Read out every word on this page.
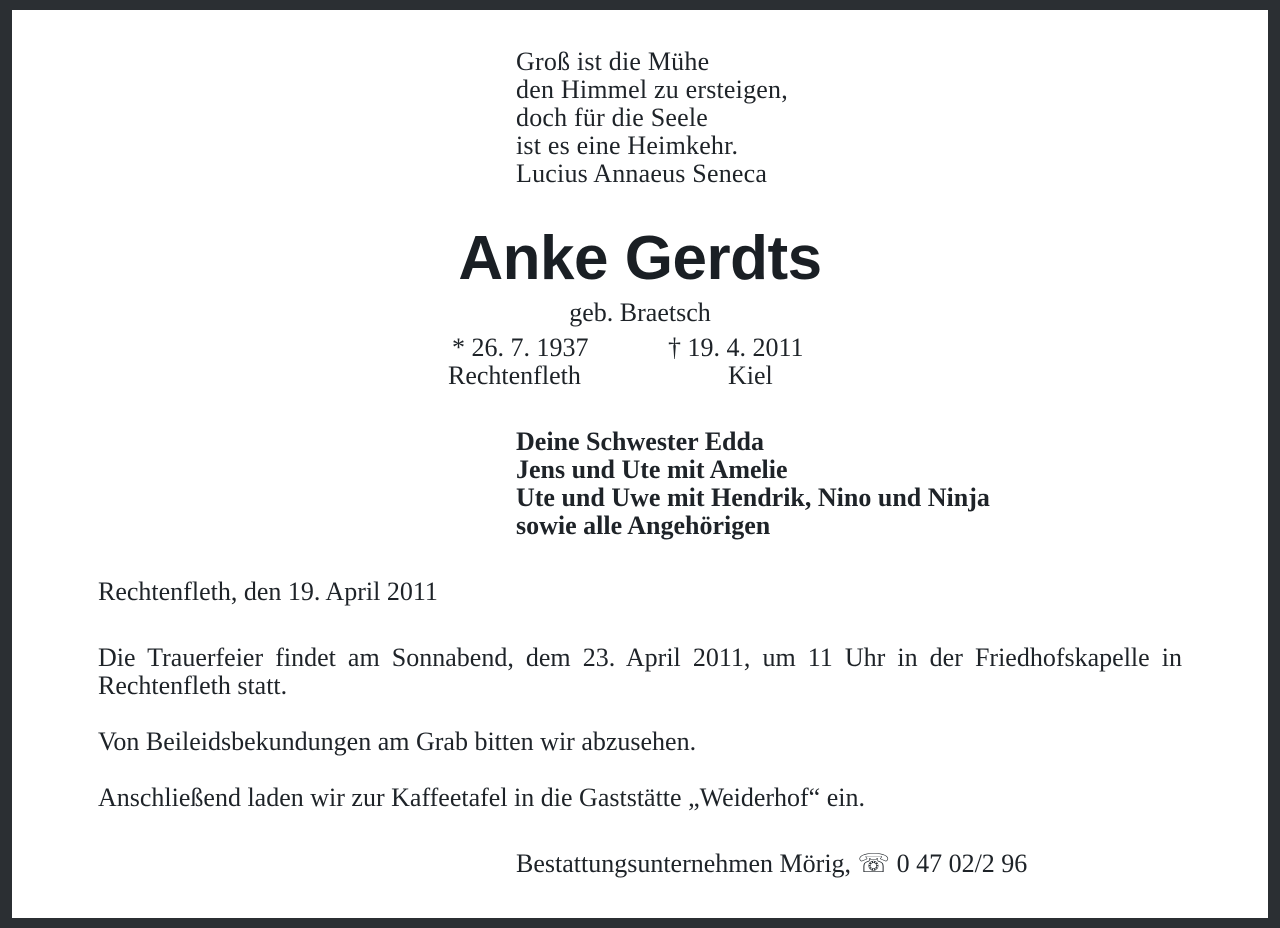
Groß ist die Mühe
den Himmel zu ersteigen,
doch für die Seele
ist es eine Heimkehr.
Lucius Annaeus Seneca
Anke Gerdts
geb. Braetsch
* 26. 7. 1937
Rechtenfleth
† 19. 4. 2011
Kiel
Deine Schwester Edda
Jens und Ute mit Amelie
Ute und Uwe mit Hendrik, Nino und Ninja
sowie alle Angehörigen
Rechtenfleth, den 19. April 2011
Die Trauerfeier findet am Sonnabend, dem 23. April 2011, um 11 Uhr in der Friedhofskapelle in Rechtenfleth statt.
Von Beileidsbekundungen am Grab bitten wir abzusehen.
Anschließend laden wir zur Kaffeetafel in die Gaststätte „Weiderhof“ ein.
Bestattungsunternehmen Mörig, ☏ 0 47 02/2 96
